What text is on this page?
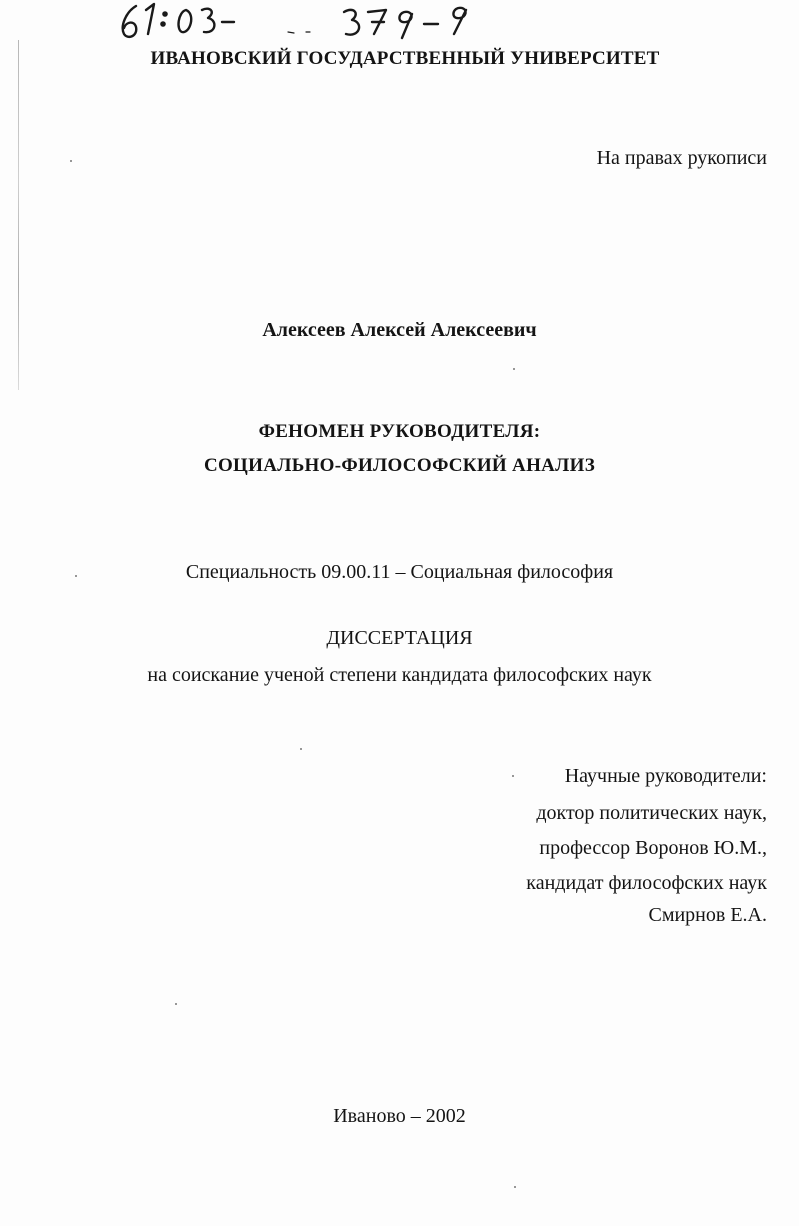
ИВАНОВСКИЙ ГОСУДАРСТВЕННЫЙ УНИВЕРСИТЕТ
На правах рукописи
Алексеев Алексей Алексеевич
ФЕНОМЕН РУКОВОДИТЕЛЯ:
СОЦИАЛЬНО-ФИЛОСОФСКИЙ АНАЛИЗ
Специальность 09.00.11 – Социальная философия
ДИССЕРТАЦИЯ
на соискание ученой степени кандидата философских наук
Научные руководители:
доктор политических наук,
профессор Воронов Ю.М.,
кандидат философских наук
Смирнов Е.А.
Иваново – 2002
